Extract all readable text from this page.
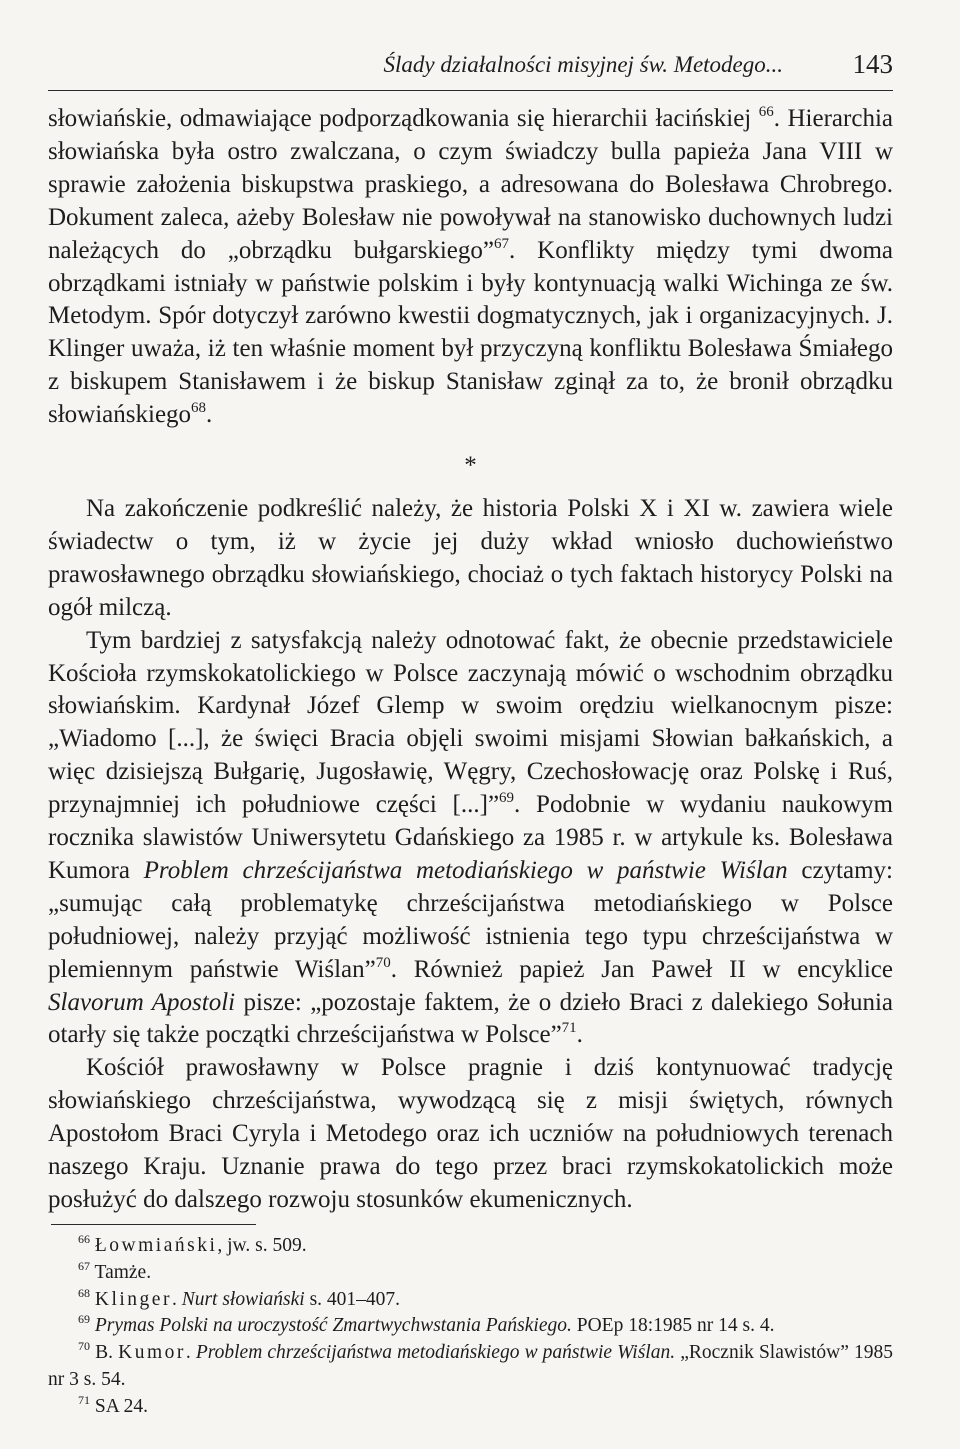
Ślady działalności misyjnej św. Metodego...	143

słowiańskie, odmawiające podporządkowania się hierarchii łacińskiej $^{66}$. Hierarchia słowiańska była ostro zwalczana, o czym świadczy bulla papieża Jana VIII w sprawie założenia biskupstwa praskiego, a adresowana do Bolesława Chrobrego. Dokument zaleca, ażeby Bolesław nie powoływał na stanowisko duchownych ludzi należących do „obrządku bułgarskiego”$^{67}$. Konflikty między tymi dwoma obrządkami istniały w państwie polskim i były kontynuacją walki Wichinga ze św. Metodym. Spór dotyczył zarówno kwestii dogmatycznych, jak i organizacyjnych. J. Klinger uważa, iż ten właśnie moment był przyczyną konfliktu Bolesława Śmiałego z biskupem Stanisławem i że biskup Stanisław zginął za to, że bronił obrządku słowiańskiego$^{68}$.

*

Na zakończenie podkreślić należy, że historia Polski X i XI w. zawiera wiele świadectw o tym, iż w życie jej duży wkład wniosło duchowieństwo prawosławnego obrządku słowiańskiego, chociaż o tych faktach historycy Polski na ogół milczą.

Tym bardziej z satysfakcją należy odnotować fakt, że obecnie przedstawiciele Kościoła rzymskokatolickiego w Polsce zaczynają mówić o wschodnim obrządku słowiańskim. Kardynał Józef Glemp w swoim orędziu wielkanocnym pisze: „Wiadomo [...], że święci Bracia objęli swoimi misjami Słowian bałkańskich, a więc dzisiejszą Bułgarię, Jugosławię, Węgry, Czechosłowację oraz Polskę i Ruś, przynajmniej ich południowe części [...]”$^{69}$. Podobnie w wydaniu naukowym rocznika slawistów Uniwersytetu Gdańskiego za 1985 r. w artykule ks. Bolesława Kumora Problem chrześcijaństwa metodiańskiego w państwie Wiślan czytamy: „sumując całą problematykę chrześcijaństwa metodiańskiego w Polsce południowej, należy przyjąć możliwość istnienia tego typu chrześcijaństwa w plemiennym państwie Wiślan”$^{70}$. Również papież Jan Paweł II w encyklice Slavorum Apostoli pisze: „pozostaje faktem, że o dzieło Braci z dalekiego Sołunia otarły się także początki chrześcijaństwa w Polsce”$^{71}$.

Kościół prawosławny w Polsce pragnie i dziś kontynuować tradycję słowiańskiego chrześcijaństwa, wywodzącą się z misji świętych, równych Apostołom Braci Cyryla i Metodego oraz ich uczniów na południowych terenach naszego Kraju. Uznanie prawa do tego przez braci rzymskokatolickich może posłużyć do dalszego rozwoju stosunków ekumenicznych.

$^{66}$ Łowmiański, jw. s. 509.
$^{67}$ Tamże.
$^{68}$ Klinger. Nurt słowiański s. 401–407.
$^{69}$ Prymas Polski na uroczystość Zmartwychwstania Pańskiego. POEp 18:1985 nr 14 s. 4.
$^{70}$ B. Kumor. Problem chrześcijaństwa metodiańskiego w państwie Wiślan. „Rocznik Slawistów” 1985 nr 3 s. 54.
$^{71}$ SA 24.
